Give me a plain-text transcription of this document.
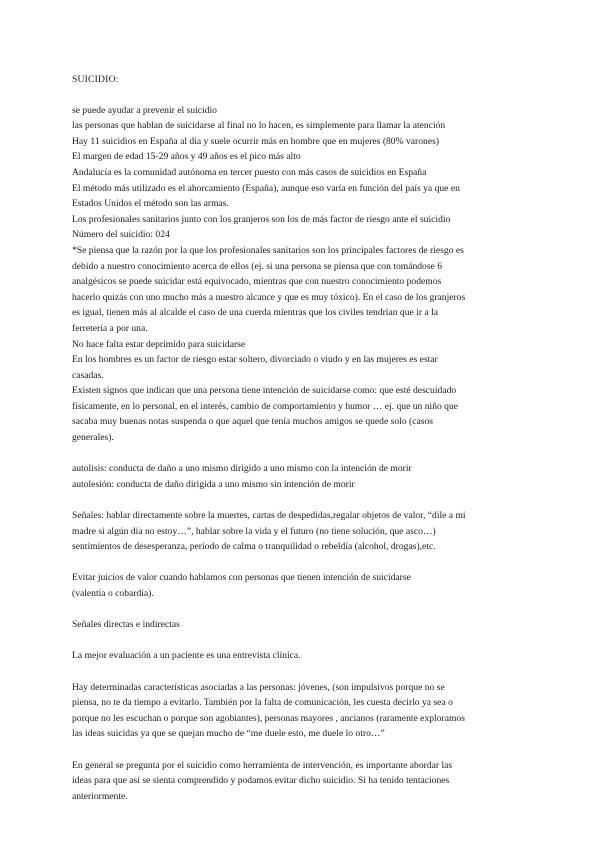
SUICIDIO:
se puede ayudar a prevenir el suicidio
las personas que hablan de suicidarse al final no lo hacen, es simplemente para llamar la atención
Hay 11 suicidios en España al día y suele ocurrir más en hombre que en mujeres (80% varones)
El margen de edad 15-29 años y 49 años es el pico más alto
Andalucía es la comunidad autónoma en tercer puesto con más casos de suicidios en España
El método más utilizado es el ahorcamiento (España), aunque eso varía en función del país ya que en
Estados Unidos el método son las armas.
Los profesionales sanitarios junto con los granjeros son los de más factor de riesgo ante el suicidio
Número del suicidio: 024
*Se piensa que la razón por la que los profesionales sanitarios son los principales factores de riesgo es
debido a nuestro conocimiento acerca de ellos (ej. si una persona se piensa que con tomándose 6
analgésicos se puede suicidar está equivocado, mientras que con nuestro conocimiento podemos
hacerlo quizás con uno mucho más a nuestro alcance y que es muy tóxico). En el caso de los granjeros
es igual, tienen más al alcalde el caso de una cuerda mientras que los civiles tendrían que ir a la
ferretería a por una.
No hace falta estar deprimido para suicidarse
En los hombres es un factor de riesgo estar soltero, divorciado o viudo y en las mujeres es estar
casadas.
Existen signos que indican que una persona tiene intención de suicidarse como: que esté descuidado
físicamente, en lo personal, en el interés, cambio de comportamiento y humor … ej. que un niño que
sacaba muy buenas notas suspenda o que aquel que tenía muchos amigos se quede solo (casos
generales).
autolisis: conducta de daño a uno mismo dirigido a uno mismo con la intención de morir
autolesión: conducta de daño dirigida a uno mismo sin intención de morir
Señales: hablar directamente sobre la muertes, cartas de despedidas,regalar objetos de valor, “dile a mi
madre si algún día no estoy…”, hablar sobre la vida y el futuro (no tiene solución, que asco…)
sentimientos de desesperanza, período de calma o tranquilidad o rebeldía (alcohol, drogas),etc.
Evitar juicios de valor cuando hablamos con personas que tienen intención de suicidarse
(valentía o cobardía).
Señales directas e indirectas
La mejor evaluación a un paciente es una entrevista clínica.
Hay determinadas características asociadas a las personas: jóvenes, (son impulsivos porque no se
piensa, no te da tiempo a evitarlo. También por la falta de comunicación, les cuesta decirlo ya sea o
porque no les escuchan o porque son agobiantes), personas mayores , ancianos (raramente exploramos
las ideas suicidas ya que se quejan mucho de “me duele esto, me duele lo otro…”
En general se pregunta por el suicidio como herramienta de intervención, es importante abordar las
ideas para que así se sienta comprendido y podamos evitar dicho suicidio. Si ha tenido tentaciones
anteriormente.
